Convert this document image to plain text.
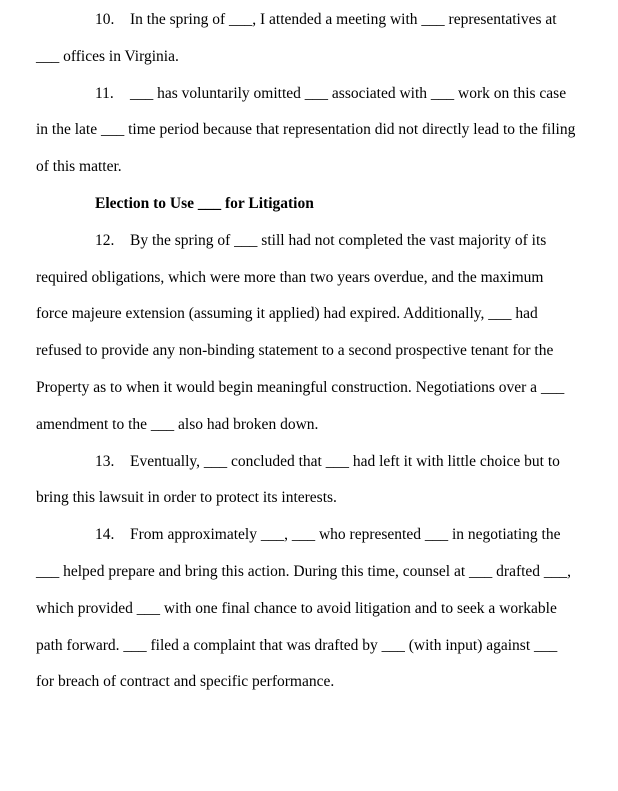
10. In the spring of ___, I attended a meeting with ___ representatives at ___ offices in Virginia.

11. ___ has voluntarily omitted ___ associated with ___ work on this case in the late ___ time period because that representation did not directly lead to the filing of this matter.

Election to Use ___ for Litigation

12. By the spring of ___ still had not completed the vast majority of its required obligations, which were more than two years overdue, and the maximum force majeure extension (assuming it applied) had expired. Additionally, ___ had refused to provide any non-binding statement to a second prospective tenant for the Property as to when it would begin meaningful construction. Negotiations over a ___ amendment to the ___ also had broken down.

13. Eventually, ___ concluded that ___ had left it with little choice but to bring this lawsuit in order to protect its interests.

14. From approximately ___, ___ who represented ___ in negotiating the ___ helped prepare and bring this action. During this time, counsel at ___ drafted ___, which provided ___ with one final chance to avoid litigation and to seek a workable path forward. ___ filed a complaint that was drafted by ___ (with input) against ___ for breach of contract and specific performance.
